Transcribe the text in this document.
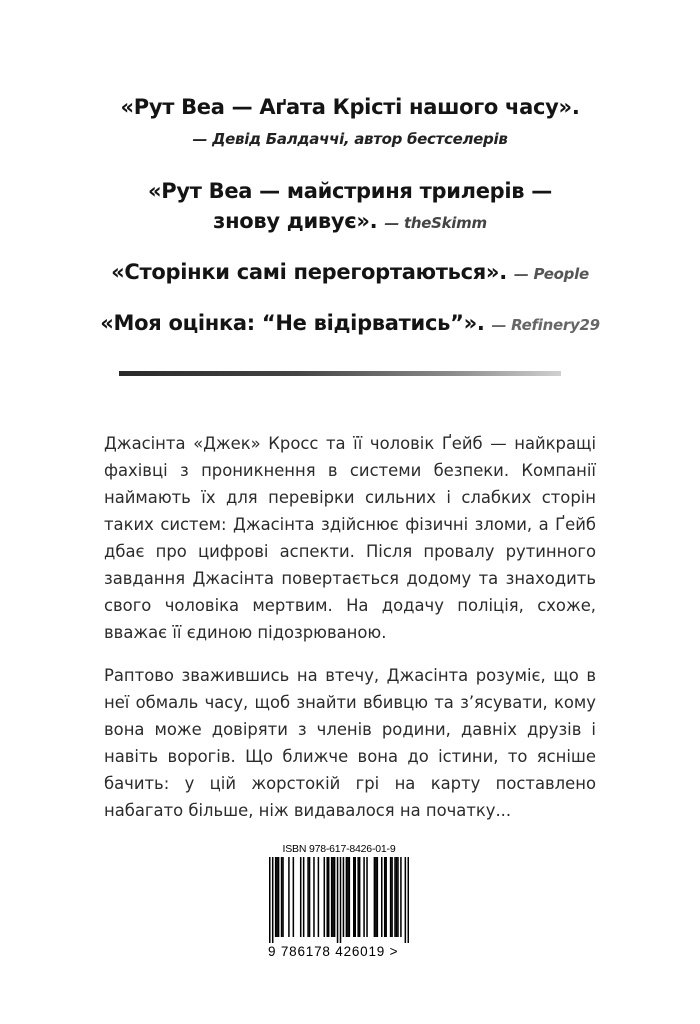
«Рут Веа — Аґата Крісті нашого часу».
— Девід Балдаччі, автор бестселерів
«Рут Веа — майстриня трилерів —
знову дивує». — theSkimm
«Сторінки самі перегортаються». — People
«Моя оцінка: “Не відірватись”». — Refinery29

Джасінта «Джек» Кросс та її чоловік Ґейб — найкращі фахівці з проникнення в системи безпеки. Компанії наймають їх для перевірки сильних і слабких сторін таких систем: Джасінта здійснює фізичні зломи, а Ґейб дбає про цифрові аспекти. Після провалу рутинного завдання Джасінта повертається додому та знаходить свого чоловіка мертвим. На додачу поліція, схоже, вважає її єдиною підозрюваною.

Раптово зважившись на втечу, Джасінта розуміє, що в неї обмаль часу, щоб знайти вбивцю та з’ясувати, кому вона може довіряти з членів родини, давніх друзів і навіть ворогів. Що ближче вона до істини, то ясніше бачить: у цій жорстокій грі на карту поставлено набагато більше, ніж видавалося на початку...

ISBN 978-617-8426-01-9
9 786178 426019 >
